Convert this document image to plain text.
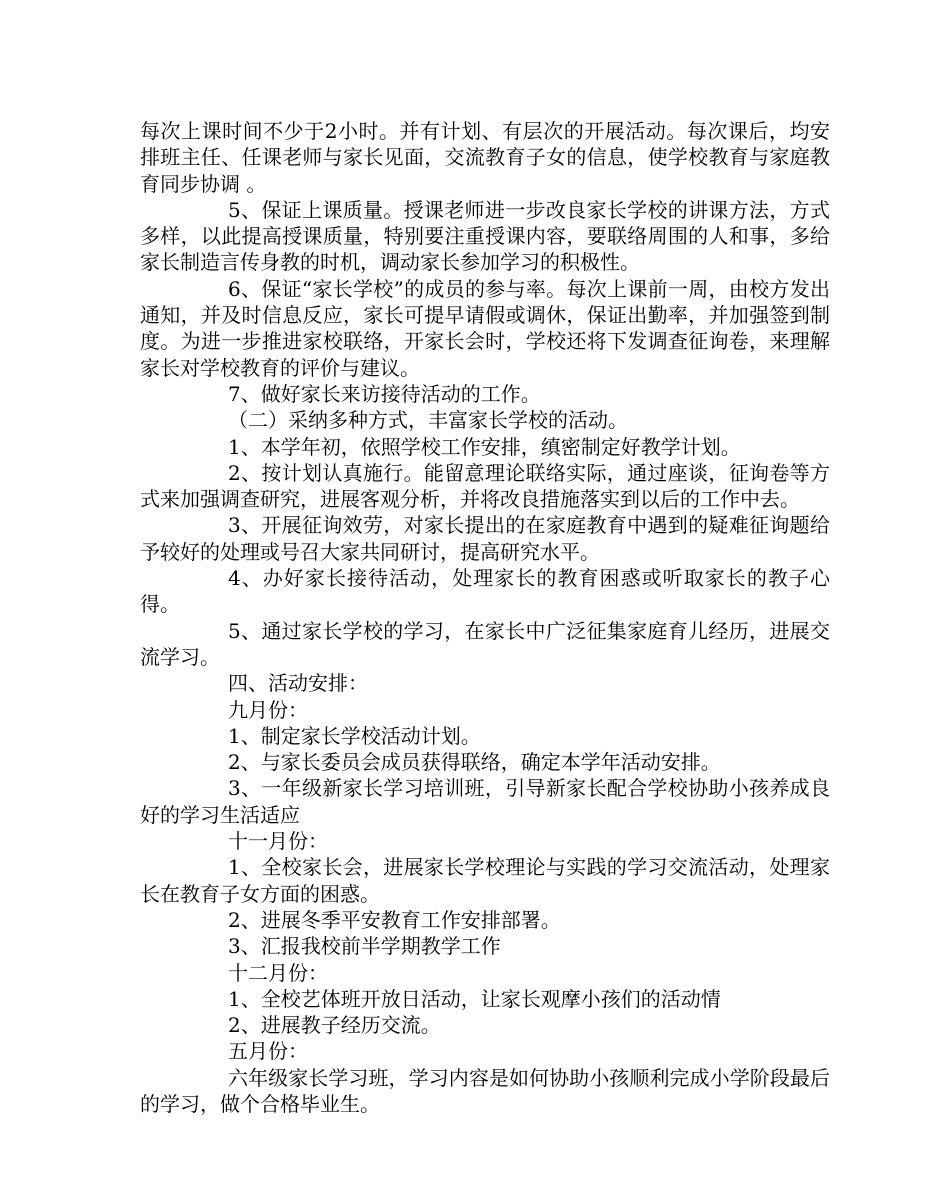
每次上课时间不少于2小时。并有计划、有层次的开展活动。每次课后，均安排班主任、任课老师与家长见面，交流教育子女的信息，使学校教育与家庭教育同步协调 。

5、保证上课质量。授课老师进一步改良家长学校的讲课方法，方式多样，以此提高授课质量，特别要注重授课内容，要联络周围的人和事，多给家长制造言传身教的时机，调动家长参加学习的积极性。

6、保证“家长学校”的成员的参与率。每次上课前一周，由校方发出通知，并及时信息反应，家长可提早请假或调休，保证出勤率，并加强签到制度。为进一步推进家校联络，开家长会时，学校还将下发调查征询卷，来理解家长对学校教育的评价与建议。

7、做好家长来访接待活动的工作。

（二）采纳多种方式，丰富家长学校的活动。

1、本学年初，依照学校工作安排，缜密制定好教学计划。

2、按计划认真施行。能留意理论联络实际，通过座谈，征询卷等方式来加强调查研究，进展客观分析，并将改良措施落实到以后的工作中去。

3、开展征询效劳，对家长提出的在家庭教育中遇到的疑难征询题给予较好的处理或号召大家共同研讨，提高研究水平。

4、办好家长接待活动，处理家长的教育困惑或听取家长的教子心得。

5、通过家长学校的学习，在家长中广泛征集家庭育儿经历，进展交流学习。

四、活动安排：

九月份：

1、制定家长学校活动计划。

2、与家长委员会成员获得联络，确定本学年活动安排。

3、一年级新家长学习培训班，引导新家长配合学校协助小孩养成良好的学习生活适应

十一月份：

1、全校家长会，进展家长学校理论与实践的学习交流活动，处理家长在教育子女方面的困惑。

2、进展冬季平安教育工作安排部署。

3、汇报我校前半学期教学工作

十二月份：

1、全校艺体班开放日活动，让家长观摩小孩们的活动情

2、进展教子经历交流。

五月份：

六年级家长学习班，学习内容是如何协助小孩顺利完成小学阶段最后的学习，做个合格毕业生。
